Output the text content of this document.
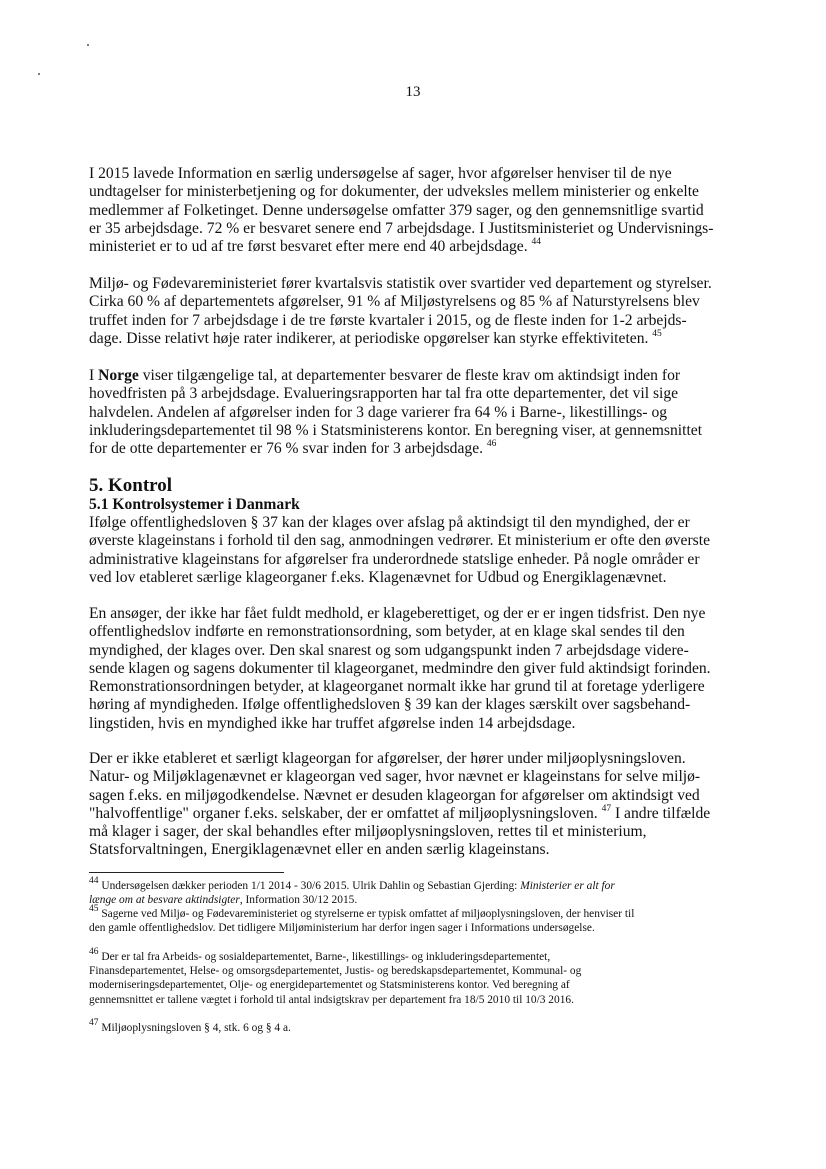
13
I 2015 lavede Information en særlig undersøgelse af sager, hvor afgørelser henviser til de nye
undtagelser for ministerbetjening og for dokumenter, der udveksles mellem ministerier og enkelte
medlemmer af Folketinget. Denne undersøgelse omfatter 379 sager, og den gennemsnitlige svartid
er 35 arbejdsdage. 72 % er besvaret senere end 7 arbejdsdage. I Justitsministeriet og Undervisnings-
ministeriet er to ud af tre først besvaret efter mere end 40 arbejdsdage. $^{44}$
Miljø- og Fødevareministeriet fører kvartalsvis statistik over svartider ved departement og styrelser.
Cirka 60 % af departementets afgørelser, 91 % af Miljøstyrelsens og 85 % af Naturstyrelsens blev
truffet inden for 7 arbejdsdage i de tre første kvartaler i 2015, og de fleste inden for 1-2 arbejds-
dage. Disse relativt høje rater indikerer, at periodiske opgørelser kan styrke effektiviteten. $^{45}$
I Norge viser tilgængelige tal, at departementer besvarer de fleste krav om aktindsigt inden for
hovedfristen på 3 arbejdsdage. Evalueringsrapporten har tal fra otte departementer, det vil sige
halvdelen. Andelen af afgørelser inden for 3 dage varierer fra 64 % i Barne-, likestillings- og
inkluderingsdepartementet til 98 % i Statsministerens kontor. En beregning viser, at gennemsnittet
for de otte departementer er 76 % svar inden for 3 arbejdsdage. $^{46}$
5. Kontrol
5.1 Kontrolsystemer i Danmark
Ifølge offentlighedsloven § 37 kan der klages over afslag på aktindsigt til den myndighed, der er
øverste klageinstans i forhold til den sag, anmodningen vedrører. Et ministerium er ofte den øverste
administrative klageinstans for afgørelser fra underordnede statslige enheder. På nogle områder er
ved lov etableret særlige klageorganer f.eks. Klagenævnet for Udbud og Energiklagenævnet.
En ansøger, der ikke har fået fuldt medhold, er klageberettiget, og der er er ingen tidsfrist. Den nye
offentlighedslov indførte en remonstrationsordning, som betyder, at en klage skal sendes til den
myndighed, der klages over. Den skal snarest og som udgangspunkt inden 7 arbejdsdage videre-
sende klagen og sagens dokumenter til klageorganet, medmindre den giver fuld aktindsigt forinden.
Remonstrationsordningen betyder, at klageorganet normalt ikke har grund til at foretage yderligere
høring af myndigheden. Ifølge offentlighedsloven § 39 kan der klages særskilt over sagsbehand-
lingstiden, hvis en myndighed ikke har truffet afgørelse inden 14 arbejdsdage.
Der er ikke etableret et særligt klageorgan for afgørelser, der hører under miljøoplysningsloven.
Natur- og Miljøklagenævnet er klageorgan ved sager, hvor nævnet er klageinstans for selve miljø-
sagen f.eks. en miljøgodkendelse. Nævnet er desuden klageorgan for afgørelser om aktindsigt ved
"halvoffentlige" organer f.eks. selskaber, der er omfattet af miljøoplysningsloven. $^{47}$ I andre tilfælde
må klager i sager, der skal behandles efter miljøoplysningsloven, rettes til et ministerium,
Statsforvaltningen, Energiklagenævnet eller en anden særlig klageinstans.
$^{44}$ Undersøgelsen dækker perioden 1/1 2014 - 30/6 2015. Ulrik Dahlin og Sebastian Gjerding: Ministerier er alt for
længe om at besvare aktindsigter, Information 30/12 2015.
$^{45}$ Sagerne ved Miljø- og Fødevareministeriet og styrelserne er typisk omfattet af miljøoplysningsloven, der henviser til
den gamle offentlighedslov. Det tidligere Miljøministerium har derfor ingen sager i Informations undersøgelse.
$^{46}$ Der er tal fra Arbeids- og sosialdepartementet, Barne-, likestillings- og inkluderingsdepartementet,
Finansdepartementet, Helse- og omsorgsdepartementet, Justis- og beredskapsdepartementet, Kommunal- og
moderniseringsdepartementet, Olje- og energidepartementet og Statsministerens kontor. Ved beregning af
gennemsnittet er tallene vægtet i forhold til antal indsigtskrav per departement fra 18/5 2010 til 10/3 2016.
$^{47}$ Miljøoplysningsloven § 4, stk. 6 og § 4 a.
